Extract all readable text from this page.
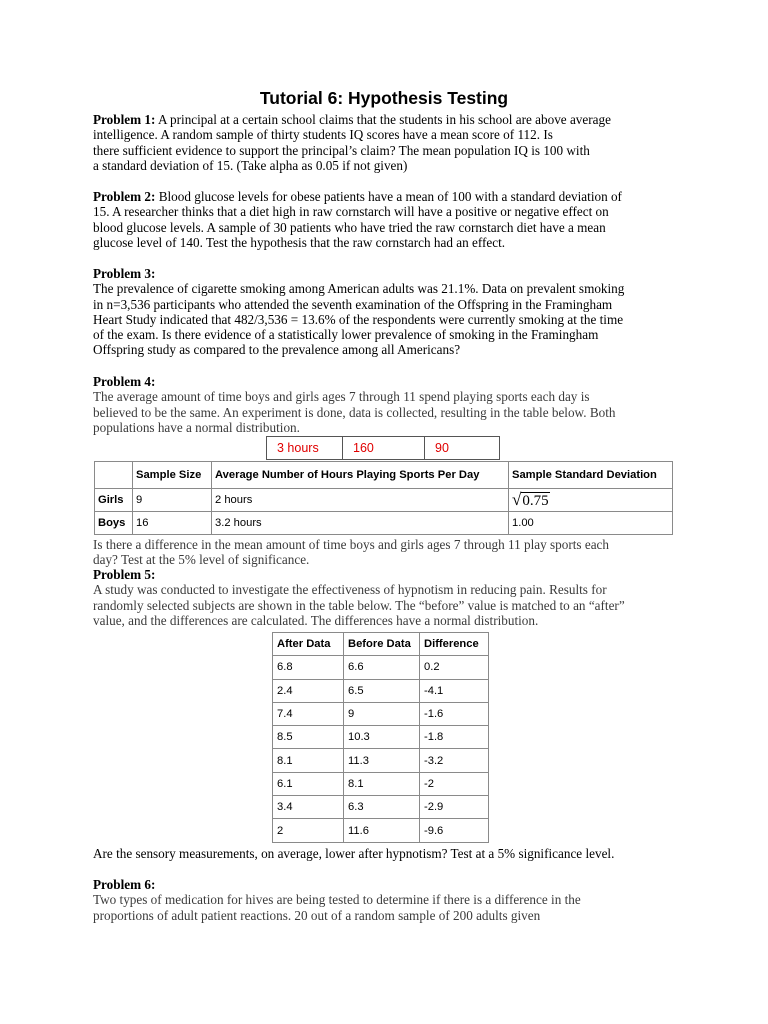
Tutorial 6: Hypothesis Testing
Problem 1: A principal at a certain school claims that the students in his school are above average
intelligence. A random sample of thirty students IQ scores have a mean score of 112. Is
there sufficient evidence to support the principal’s claim? The mean population IQ is 100 with
a standard deviation of 15. (Take alpha as 0.05 if not given)
Problem 2: Blood glucose levels for obese patients have a mean of 100 with a standard deviation of
15. A researcher thinks that a diet high in raw cornstarch will have a positive or negative effect on
blood glucose levels. A sample of 30 patients who have tried the raw cornstarch diet have a mean
glucose level of 140. Test the hypothesis that the raw cornstarch had an effect.
Problem 3:
The prevalence of cigarette smoking among American adults was 21.1%. Data on prevalent smoking
in n=3,536 participants who attended the seventh examination of the Offspring in the Framingham
Heart Study indicated that 482/3,536 = 13.6% of the respondents were currently smoking at the time
of the exam. Is there evidence of a statistically lower prevalence of smoking in the Framingham
Offspring study as compared to the prevalence among all Americans?
Problem 4:
The average amount of time boys and girls ages 7 through 11 spend playing sports each day is
believed to be the same. An experiment is done, data is collected, resulting in the table below. Both
populations have a normal distribution.
3 hours	160	90
	Sample Size	Average Number of Hours Playing Sports Per Day	Sample Standard Deviation
Girls	9	2 hours	√0.75
Boys	16	3.2 hours	1.00
Is there a difference in the mean amount of time boys and girls ages 7 through 11 play sports each
day? Test at the 5% level of significance.
Problem 5:
A study was conducted to investigate the effectiveness of hypnotism in reducing pain. Results for
randomly selected subjects are shown in the table below. The “before” value is matched to an “after”
value, and the differences are calculated. The differences have a normal distribution.
After Data	Before Data	Difference
6.8	6.6	0.2
2.4	6.5	-4.1
7.4	9	-1.6
8.5	10.3	-1.8
8.1	11.3	-3.2
6.1	8.1	-2
3.4	6.3	-2.9
2	11.6	-9.6
Are the sensory measurements, on average, lower after hypnotism? Test at a 5% significance level.
Problem 6:
Two types of medication for hives are being tested to determine if there is a difference in the
proportions of adult patient reactions. 20 out of a random sample of 200 adults given
